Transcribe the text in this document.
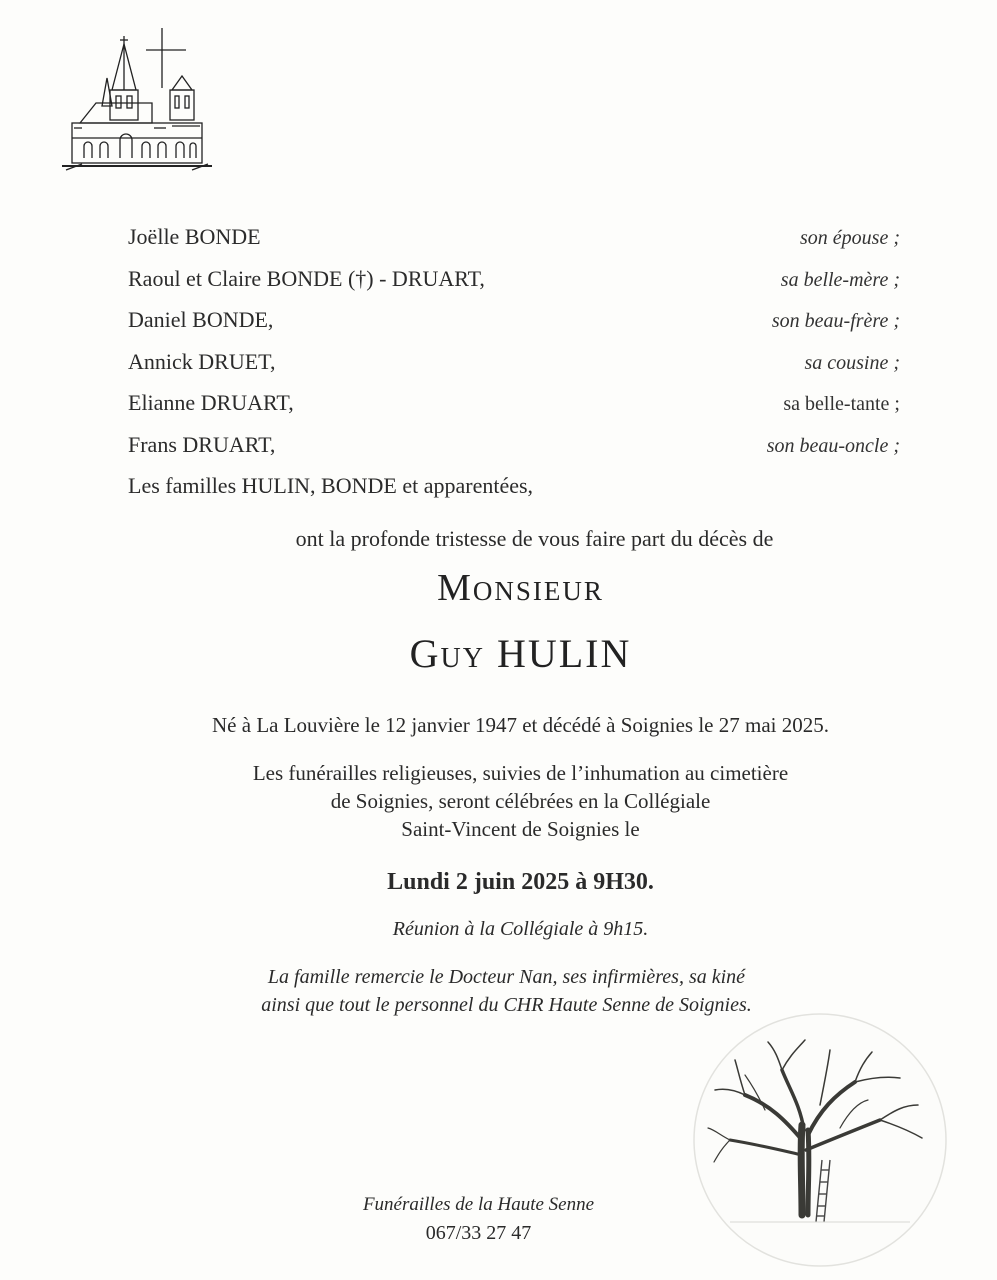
Joëlle BONDE	son épouse ;
Raoul et Claire BONDE (†) - DRUART,	sa belle-mère ;
Daniel BONDE,	son beau-frère ;
Annick DRUET,	sa cousine ;
Elianne DRUART,	sa belle-tante ;
Frans DRUART,	son beau-oncle ;
Les familles HULIN, BONDE et apparentées,
ont la profonde tristesse de vous faire part du décès de
Monsieur
Guy HULIN
Né à La Louvière le 12 janvier 1947 et décédé à Soignies le 27 mai 2025.
Les funérailles religieuses, suivies de l’inhumation au cimetière
de Soignies, seront célébrées en la Collégiale
Saint-Vincent de Soignies le
Lundi 2 juin 2025 à 9H30.
Réunion à la Collégiale à 9h15.
La famille remercie le Docteur Nan, ses infirmières, sa kiné
ainsi que tout le personnel du CHR Haute Senne de Soignies.
Funérailles de la Haute Senne
067/33 27 47
